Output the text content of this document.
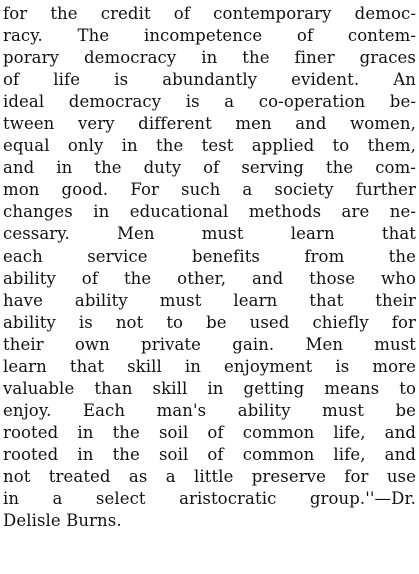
for the credit of contemporary democ-
racy. The incompetence of contem-
porary democracy in the finer graces
of life is abundantly evident. An
ideal democracy is a co-operation be-
tween very different men and women,
equal only in the test applied to them,
and in the duty of serving the com-
mon good. For such a society further
changes in educational methods are ne-
cessary. Men must learn that
each service benefits from the
ability of the other, and those who
have ability must learn that their
ability is not to be used chiefly for
their own private gain. Men must
learn that skill in enjoyment is more
valuable than skill in getting means to
enjoy. Each man's ability must be
rooted in the soil of common life, and
rooted in the soil of common life, and
not treated as a little preserve for use
in a select aristocratic group.''—Dr.
Delisle Burns.
